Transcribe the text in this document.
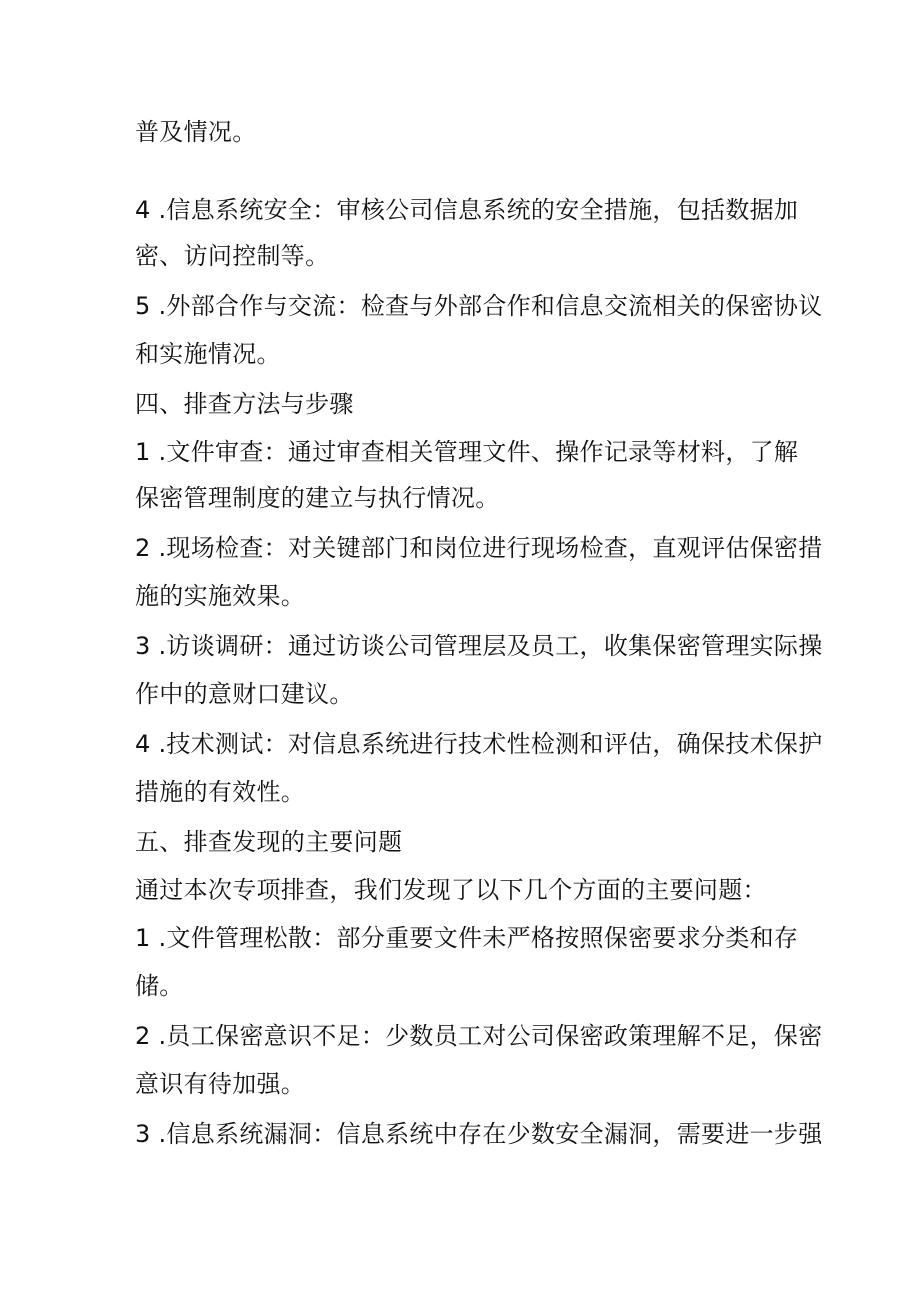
普及情况。

4 .信息系统安全：审核公司信息系统的安全措施，包括数据加

密、访问控制等。

5 .外部合作与交流：检查与外部合作和信息交流相关的保密协议

和实施情况。

四、排查方法与步骤

1 .文件审查：通过审查相关管理文件、操作记录等材料，了解

保密管理制度的建立与执行情况。

2 .现场检查：对关键部门和岗位进行现场检查，直观评估保密措

施的实施效果。

3 .访谈调研：通过访谈公司管理层及员工，收集保密管理实际操

作中的意财口建议。

4 .技术测试：对信息系统进行技术性检测和评估，确保技术保护

措施的有效性。

五、排查发现的主要问题

通过本次专项排查，我们发现了以下几个方面的主要问题：

1 .文件管理松散：部分重要文件未严格按照保密要求分类和存

储。

2 .员工保密意识不足：少数员工对公司保密政策理解不足，保密

意识有待加强。

3 .信息系统漏洞：信息系统中存在少数安全漏洞，需要进一步强
